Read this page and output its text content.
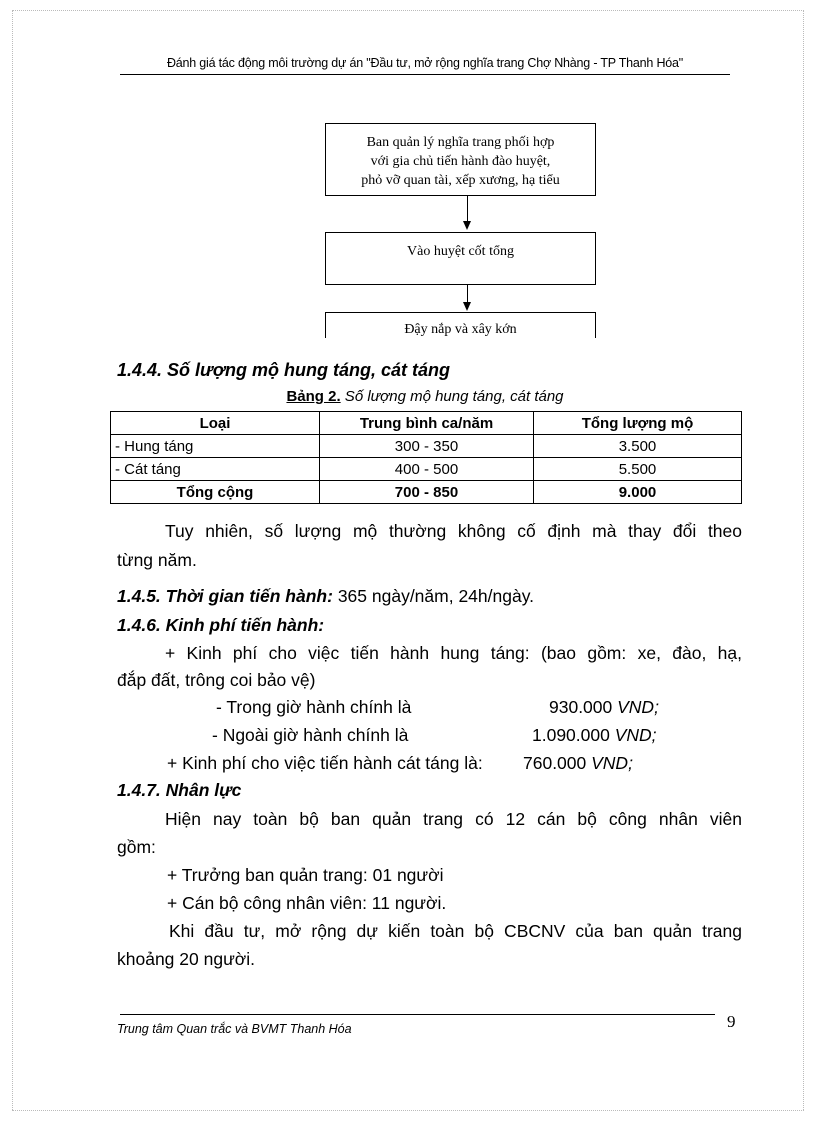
Đánh giá tác động môi trường dự án "Đầu tư, mở rộng nghĩa trang Chợ Nhàng - TP Thanh Hóa"
Ban quản lý nghĩa trang phối hợp
với gia chủ tiến hành đào huyệt,
phỏ vỡ quan tài, xếp xương, hạ tiểu
Vào huyệt cốt tổng
Đậy nắp và xây kớn
1.4.4. Số lượng mộ hung táng, cát táng
Bảng 2. Số lượng mộ hung táng, cát táng
Loại	Trung bình ca/năm	Tổng lượng mộ
- Hung táng	300 - 350	3.500
- Cát táng	400 - 500	5.500
Tổng cộng	700 - 850	9.000
Tuy nhiên, số lượng mộ thường không cố định mà thay đổi theo
từng năm.
1.4.5. Thời gian tiến hành: 365 ngày/năm, 24h/ngày.
1.4.6. Kinh phí tiến hành:
+ Kinh phí cho việc tiến hành hung táng: (bao gồm: xe, đào, hạ,
đắp đất, trông coi bảo vệ)
- Trong giờ hành chính là	930.000 VND;
- Ngoài giờ hành chính là	1.090.000 VND;
+ Kinh phí cho việc tiến hành cát táng là: 760.000 VND;
1.4.7. Nhân lực
Hiện nay toàn bộ ban quản trang có 12 cán bộ công nhân viên
gồm:
+ Trưởng ban quản trang: 01 người
+ Cán bộ công nhân viên: 11 người.
Khi đầu tư, mở rộng dự kiến toàn bộ CBCNV của ban quản trang
khoảng 20 người.
Trung tâm Quan trắc và BVMT Thanh Hóa	9
